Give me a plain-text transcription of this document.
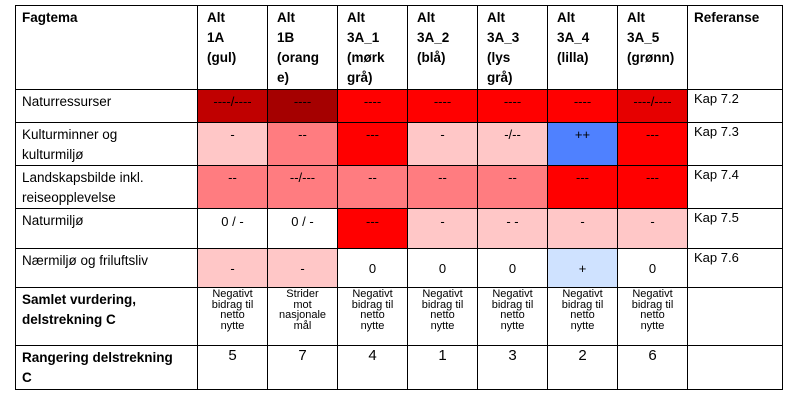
Fagtema	Alt
1A
(gul)	Alt
1B
(orang
e)	Alt
3A_1
(mørk
grå)	Alt
3A_2
(blå)	Alt
3A_3
(lys
grå)	Alt
3A_4
(lilla)	Alt
3A_5
(grønn)	Referanse
Naturressurser	----/----	----	----	----	----	----	----/----	Kap 7.2
Kulturminner og
kulturmiljø	-	--	---	-	-/--	++	---	Kap 7.3
Landskapsbilde inkl.
reiseopplevelse	--	--/---	--	--	--	---	---	Kap 7.4
Naturmiljø	0 / -	0 / -	---	-	- -	-	-	Kap 7.5
Nærmiljø og friluftsliv	-	-	0	0	0	+	0	Kap 7.6
Samlet vurdering,
delstrekning C	Negativt
bidrag til
netto
nytte	Strider
mot
nasjonale
mål	Negativt
bidrag til
netto
nytte	Negativt
bidrag til
netto
nytte	Negativt
bidrag til
netto
nytte	Negativt
bidrag til
netto
nytte	Negativt
bidrag til
netto
nytte	
Rangering delstrekning
C	5	7	4	1	3	2	6	
